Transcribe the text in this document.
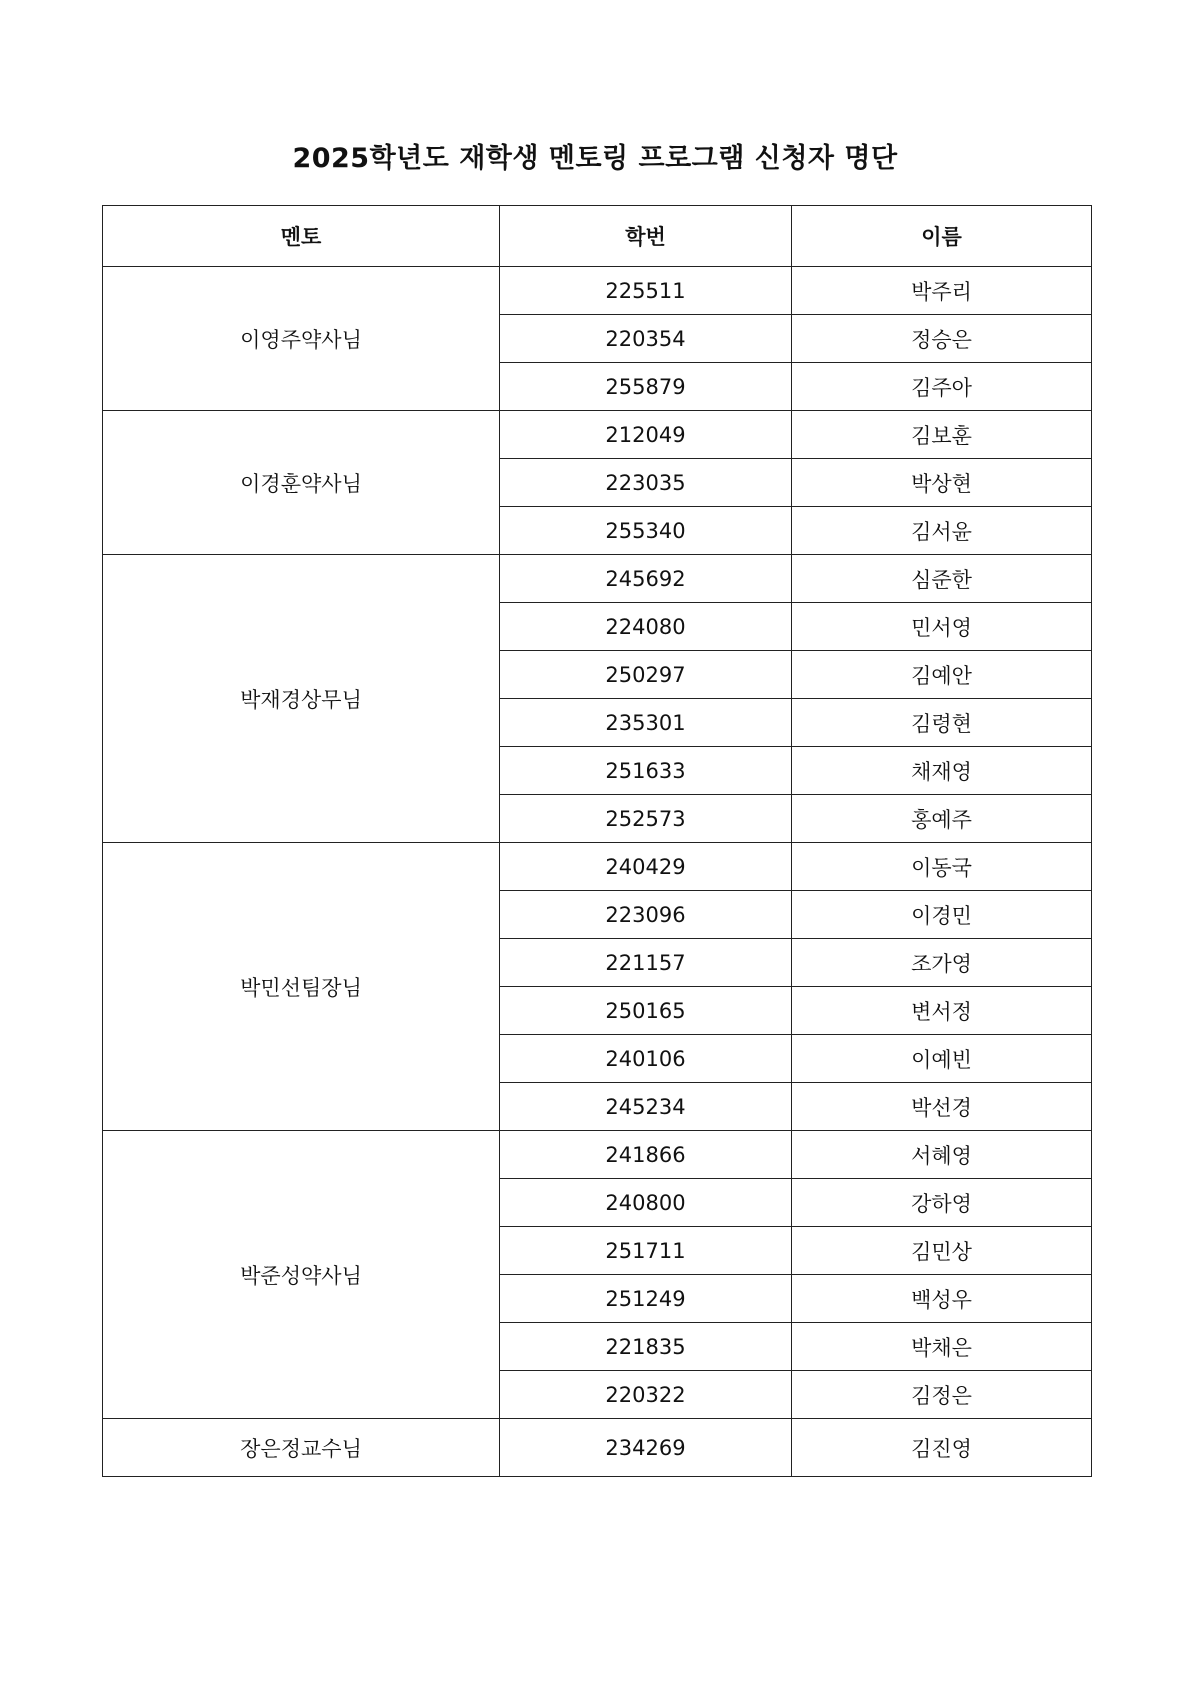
2025학년도 재학생 멘토링 프로그램 신청자 명단
멘토	학번	이름
이영주약사님	225511	박주리
	220354	정승은
	255879	김주아
이경훈약사님	212049	김보훈
	223035	박상현
	255340	김서윤
박재경상무님	245692	심준한
	224080	민서영
	250297	김예안
	235301	김령현
	251633	채재영
	252573	홍예주
박민선팀장님	240429	이동국
	223096	이경민
	221157	조가영
	250165	변서정
	240106	이예빈
	245234	박선경
박준성약사님	241866	서혜영
	240800	강하영
	251711	김민상
	251249	백성우
	221835	박채은
	220322	김정은
장은정교수님	234269	김진영
